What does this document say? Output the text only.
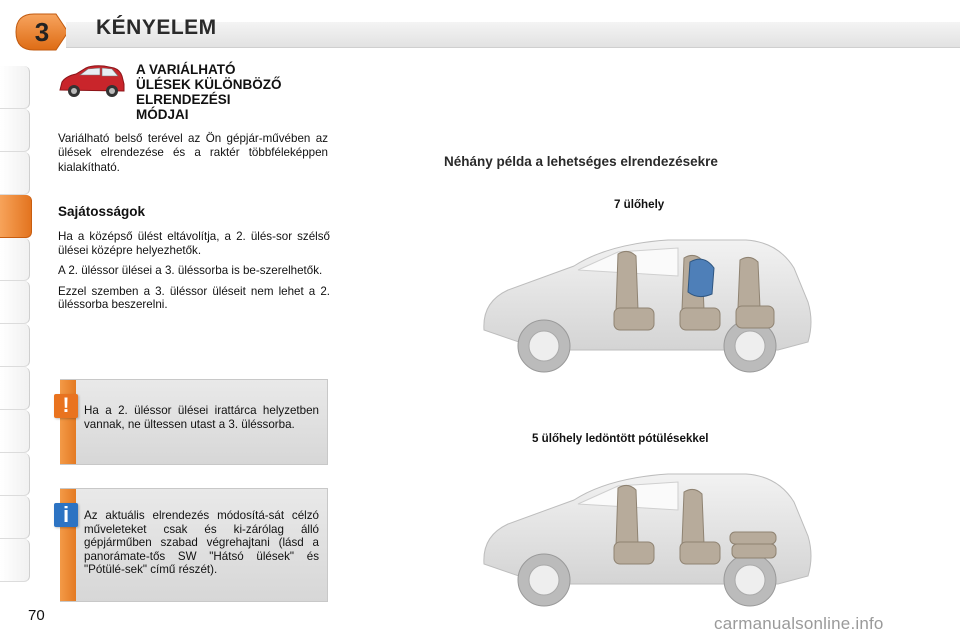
3	KÉNYELEM
A VARIÁLHATÓ
ÜLÉSEK KÜLÖNBÖZŐ
ELRENDEZÉSI
MÓDJAI

Variálható belső terével az Ön gépjár-művében az ülések elrendezése és a raktér többféleképpen kialakítható.

Sajátosságok

Ha a középső ülést eltávolítja, a 2. ülés-sor szélső ülései középre helyezhetők.

A 2. üléssor ülései a 3. üléssorba is be-szerelhetők.

Ezzel szemben a 3. üléssor üléseit nem lehet a 2. üléssorba beszerelni.

!	Ha a 2. üléssor ülései irattárca helyzetben vannak, ne ültessen utast a 3. üléssorba.

i	Az aktuális elrendezés módosítá-sát célzó műveleteket csak és ki-zárólag álló gépjárműben szabad végrehajtani (lásd a panorámate-tős SW "Hátsó ülések" és "Pótülé-sek" című részét).

70
Néhány példa a lehetséges elrendezésekre
7 ülőhely
5 ülőhely ledöntött pótülésekkel
carmanualsonline.info
